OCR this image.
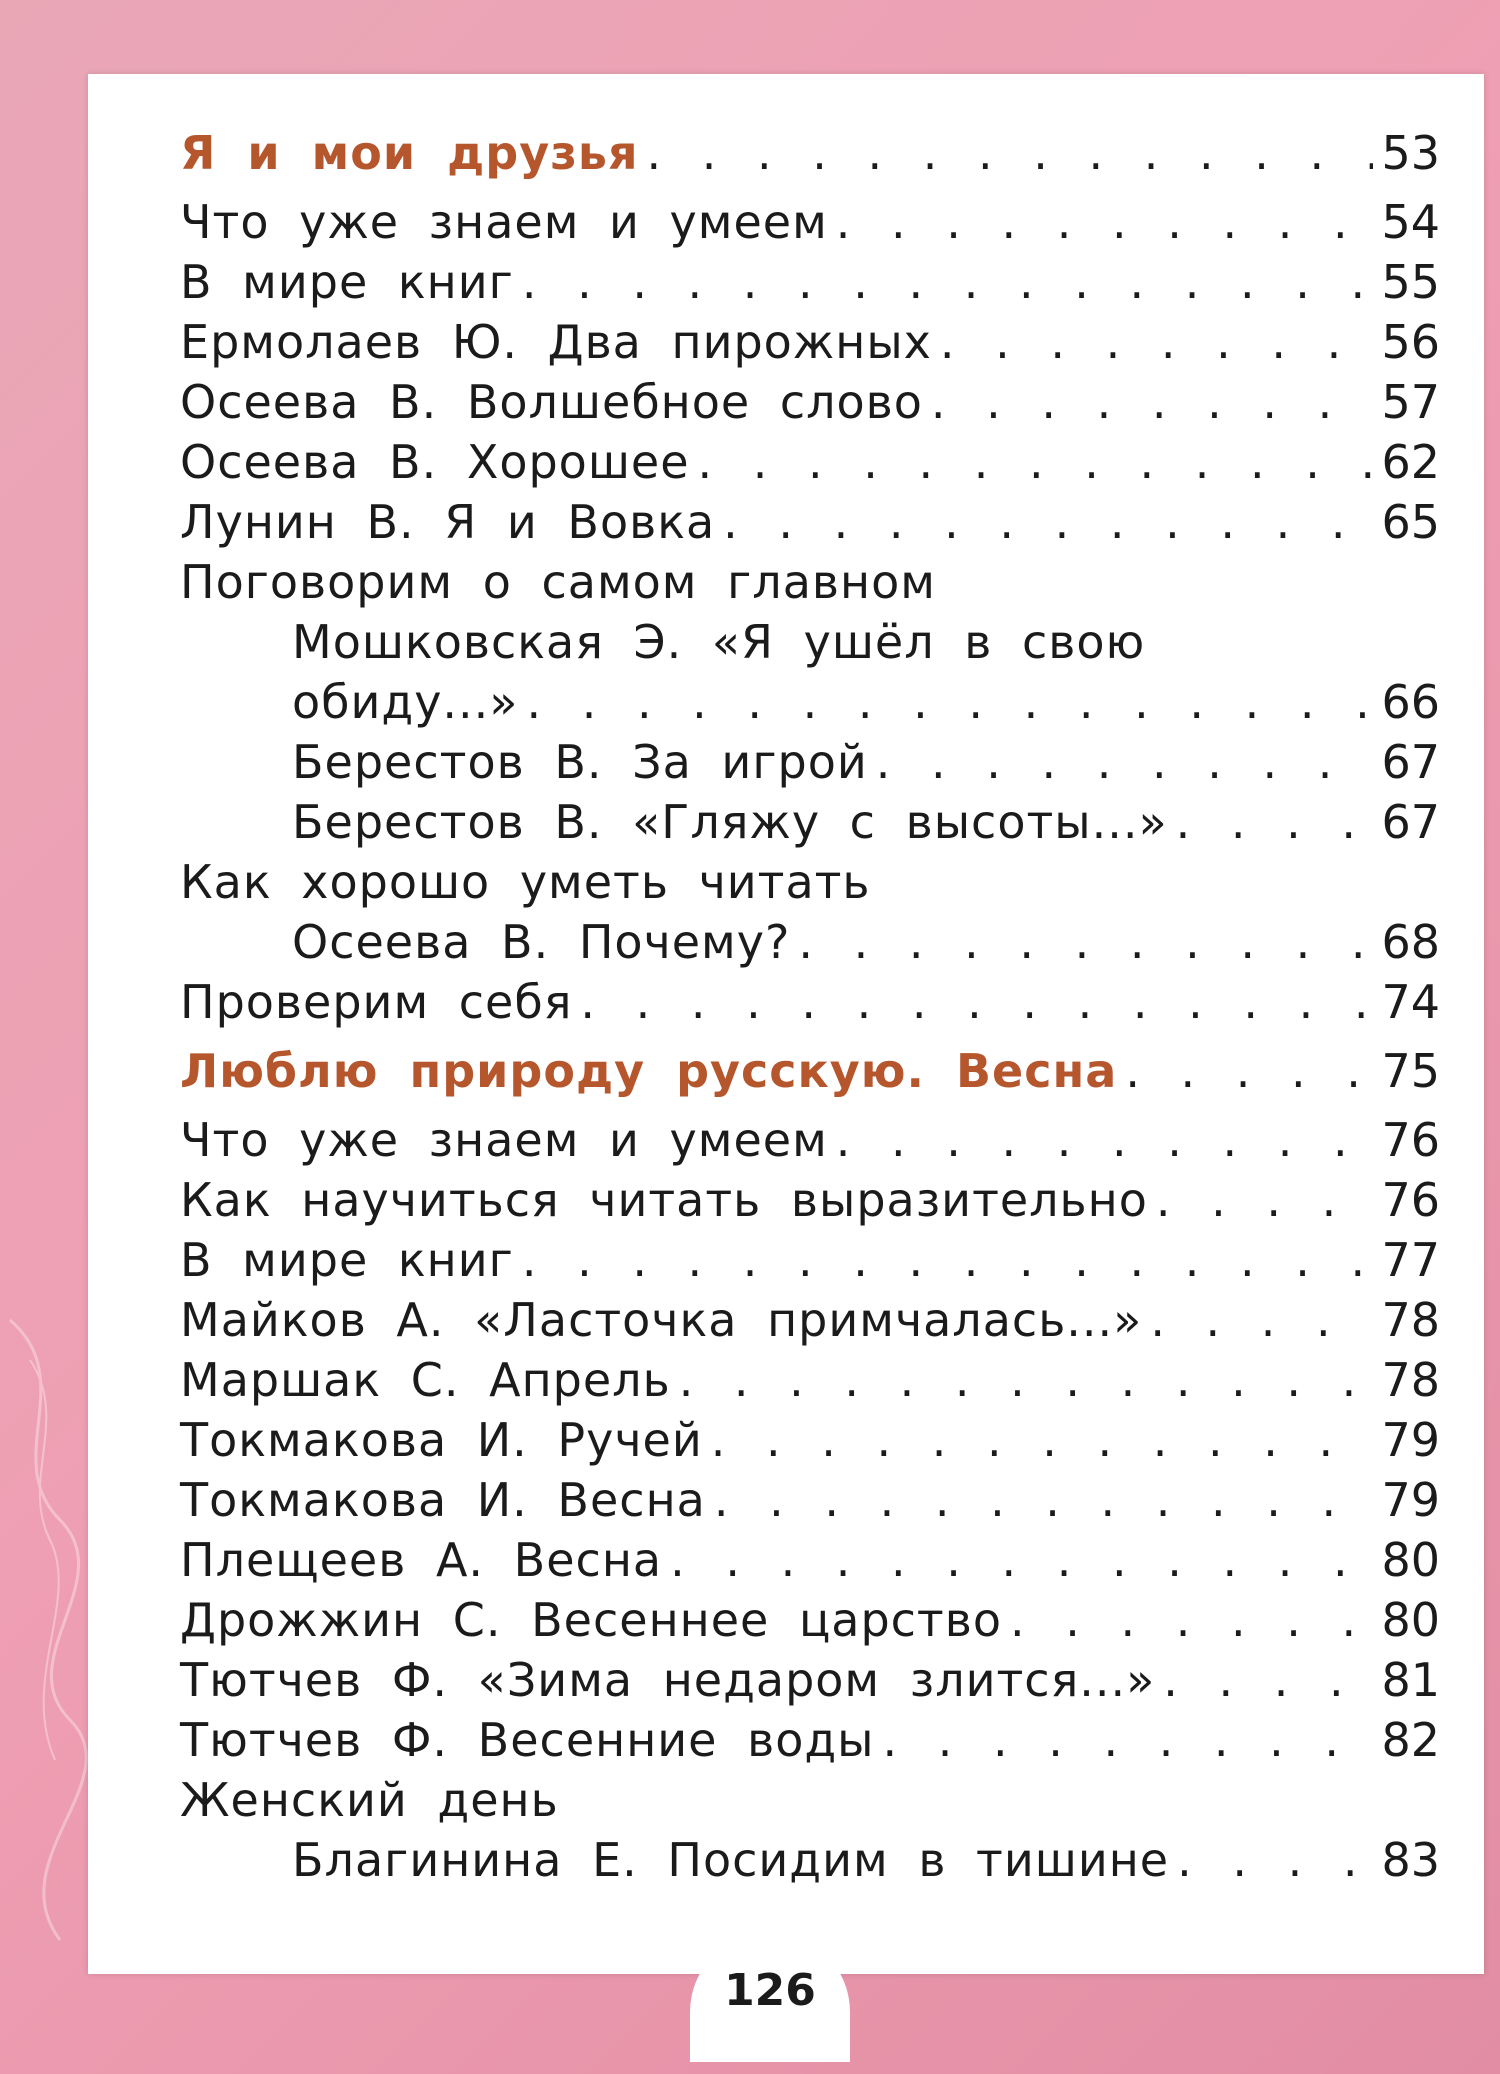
Я и мои друзья . . .	53
Что уже знаем и умеем . . .	54
В мире книг . . .	55
Ермолаев Ю. Два пирожных . . .	56
Осеева В. Волшебное слово . . .	57
Осеева В. Хорошее . . .	62
Лунин В. Я и Вовка . . .	65
Поговорим о самом главном
Мошковская Э. «Я ушёл в свою
обиду...» . . .	66
Берестов В. За игрой . . .	67
Берестов В. «Гляжу с высоты...» . . .	67
Как хорошо уметь читать
Осеева В. Почему? . . .	68
Проверим себя . . .	74
Люблю природу русскую. Весна . . .	75
Что уже знаем и умеем . . .	76
Как научиться читать выразительно . . .	76
В мире книг . . .	77
Майков А. «Ласточка примчалась...» . . .	78
Маршак С. Апрель . . .	78
Токмакова И. Ручей . . .	79
Токмакова И. Весна . . .	79
Плещеев А. Весна . . .	80
Дрожжин С. Весеннее царство . . .	80
Тютчев Ф. «Зима недаром злится...» . . .	81
Тютчев Ф. Весенние воды . . .	82
Женский день
Благинина Е. Посидим в тишине . . .	83
126
